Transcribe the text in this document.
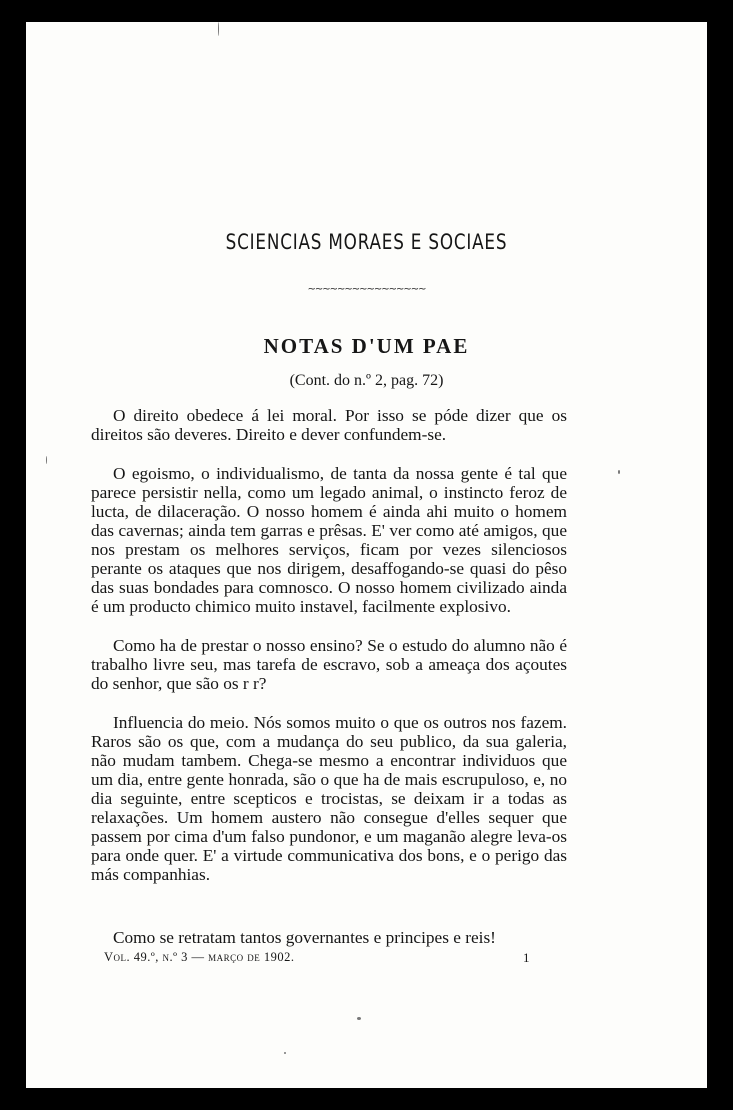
SCIENCIAS MORAES E SOCIAES
~~~~~~~~~~~~~~~~
NOTAS D'UM PAE
(Cont. do n.º 2, pag. 72)

O direito obedece á lei moral. Por isso se póde dizer que os direitos são deveres. Direito e dever confundem-se.

O egoismo, o individualismo, de tanta da nossa gente é tal que parece persistir nella, como um legado animal, o instincto feroz de lucta, de dilaceração. O nosso homem é ainda ahi muito o homem das cavernas; ainda tem garras e prêsas. E' ver como até amigos, que nos prestam os melhores serviços, ficam por vezes silenciosos perante os ataques que nos dirigem, desaffogando-se quasi do pêso das suas bondades para comnosco. O nosso homem civilizado ainda é um producto chimico muito instavel, facilmente explosivo.

Como ha de prestar o nosso ensino? Se o estudo do alumno não é trabalho livre seu, mas tarefa de escravo, sob a ameaça dos açoutes do senhor, que são os r r?

Influencia do meio. Nós somos muito o que os outros nos fazem. Raros são os que, com a mudança do seu publico, da sua galeria, não mudam tambem. Chega-se mesmo a encontrar individuos que um dia, entre gente honrada, são o que ha de mais escrupuloso, e, no dia seguinte, entre scepticos e trocistas, se deixam ir a todas as relaxações. Um homem austero não consegue d'elles sequer que passem por cima d'um falso pundonor, e um maganão alegre leva-os para onde quer. E' a virtude communicativa dos bons, e o perigo das más companhias.

Como se retratam tantos governantes e principes e reis!
Vol. 49.º, n.º 3 — março de 1902.	1
